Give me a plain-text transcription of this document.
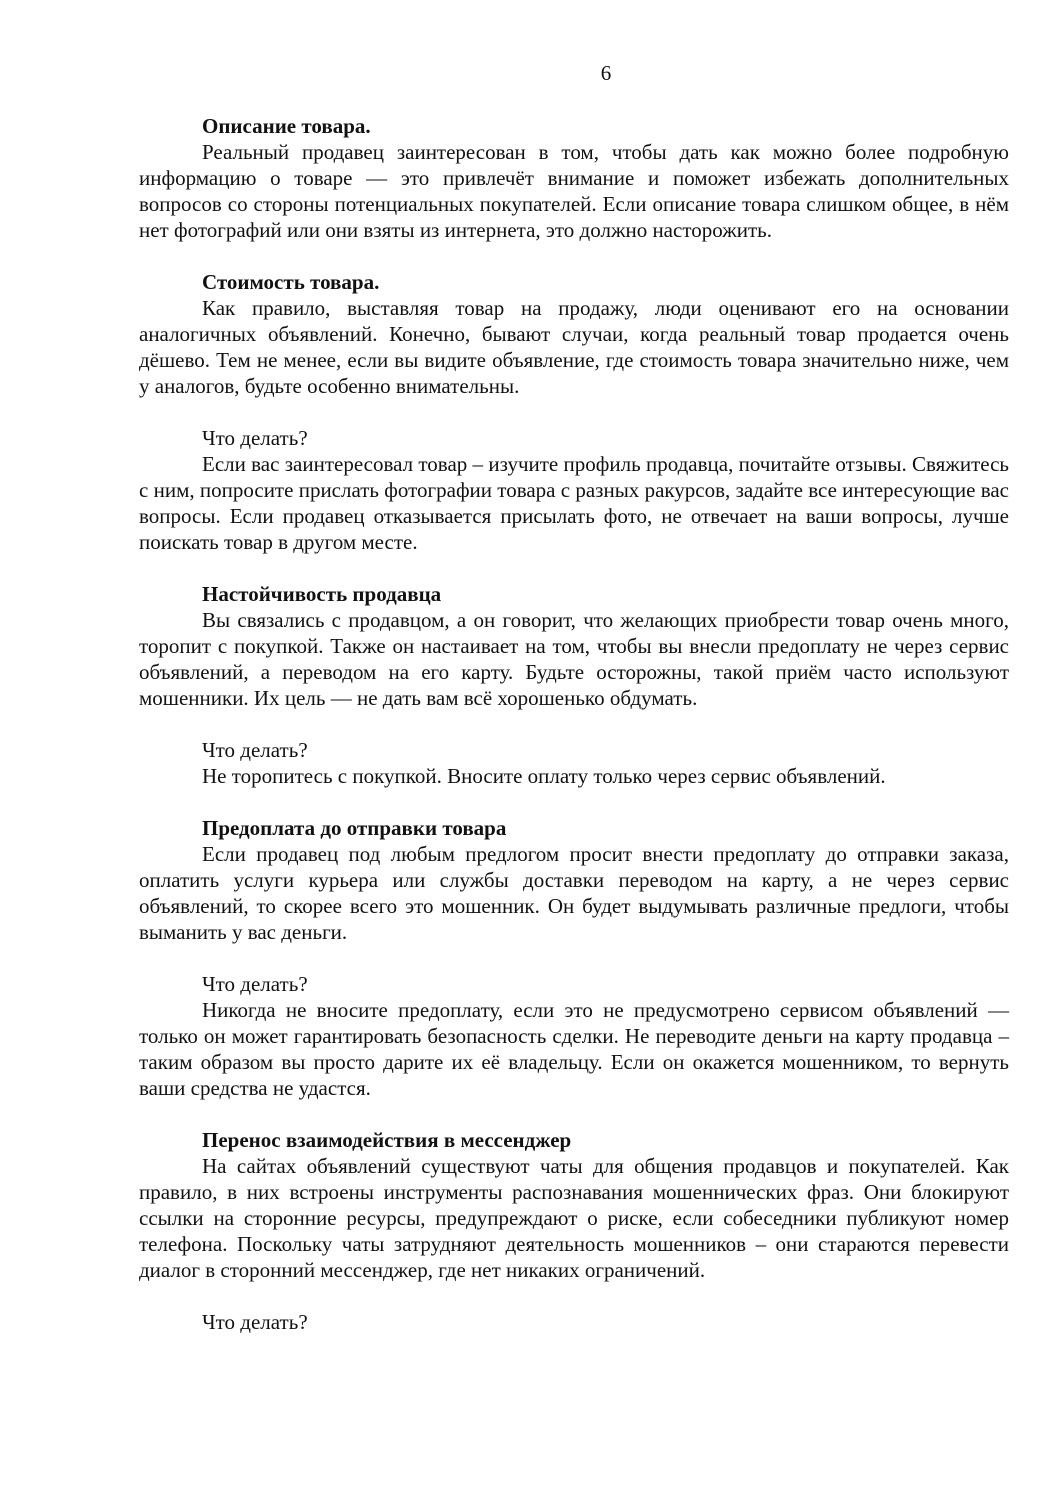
6

Описание товара.

Реальный продавец заинтересован в том, чтобы дать как можно более подробную информацию о товаре — это привлечёт внимание и поможет избежать дополнительных вопросов со стороны потенциальных покупателей. Если описание товара слишком общее, в нём нет фотографий или они взяты из интернета, это должно насторожить.

Стоимость товара.

Как правило, выставляя товар на продажу, люди оценивают его на основании аналогичных объявлений. Конечно, бывают случаи, когда реальный товар продается очень дёшево. Тем не менее, если вы видите объявление, где стоимость товара значительно ниже, чем у аналогов, будьте особенно внимательны.

Что делать?

Если вас заинтересовал товар – изучите профиль продавца, почитайте отзывы. Свяжитесь с ним, попросите прислать фотографии товара с разных ракурсов, задайте все интересующие вас вопросы. Если продавец отказывается присылать фото, не отвечает на ваши вопросы, лучше поискать товар в другом месте.

Настойчивость продавца

Вы связались с продавцом, а он говорит, что желающих приобрести товар очень много, торопит с покупкой. Также он настаивает на том, чтобы вы внесли предоплату не через сервис объявлений, а переводом на его карту. Будьте осторожны, такой приём часто используют мошенники. Их цель — не дать вам всё хорошенько обдумать.

Что делать?

Не торопитесь с покупкой. Вносите оплату только через сервис объявлений.

Предоплата до отправки товара

Если продавец под любым предлогом просит внести предоплату до отправки заказа, оплатить услуги курьера или службы доставки переводом на карту, а не через сервис объявлений, то скорее всего это мошенник. Он будет выдумывать различные предлоги, чтобы выманить у вас деньги.

Что делать?

Никогда не вносите предоплату, если это не предусмотрено сервисом объявлений — только он может гарантировать безопасность сделки. Не переводите деньги на карту продавца – таким образом вы просто дарите их её владельцу. Если он окажется мошенником, то вернуть ваши средства не удастся.

Перенос взаимодействия в мессенджер

На сайтах объявлений существуют чаты для общения продавцов и покупателей. Как правило, в них встроены инструменты распознавания мошеннических фраз. Они блокируют ссылки на сторонние ресурсы, предупреждают о риске, если собеседники публикуют номер телефона. Поскольку чаты затрудняют деятельность мошенников – они стараются перевести диалог в сторонний мессенджер, где нет никаких ограничений.

Что делать?
